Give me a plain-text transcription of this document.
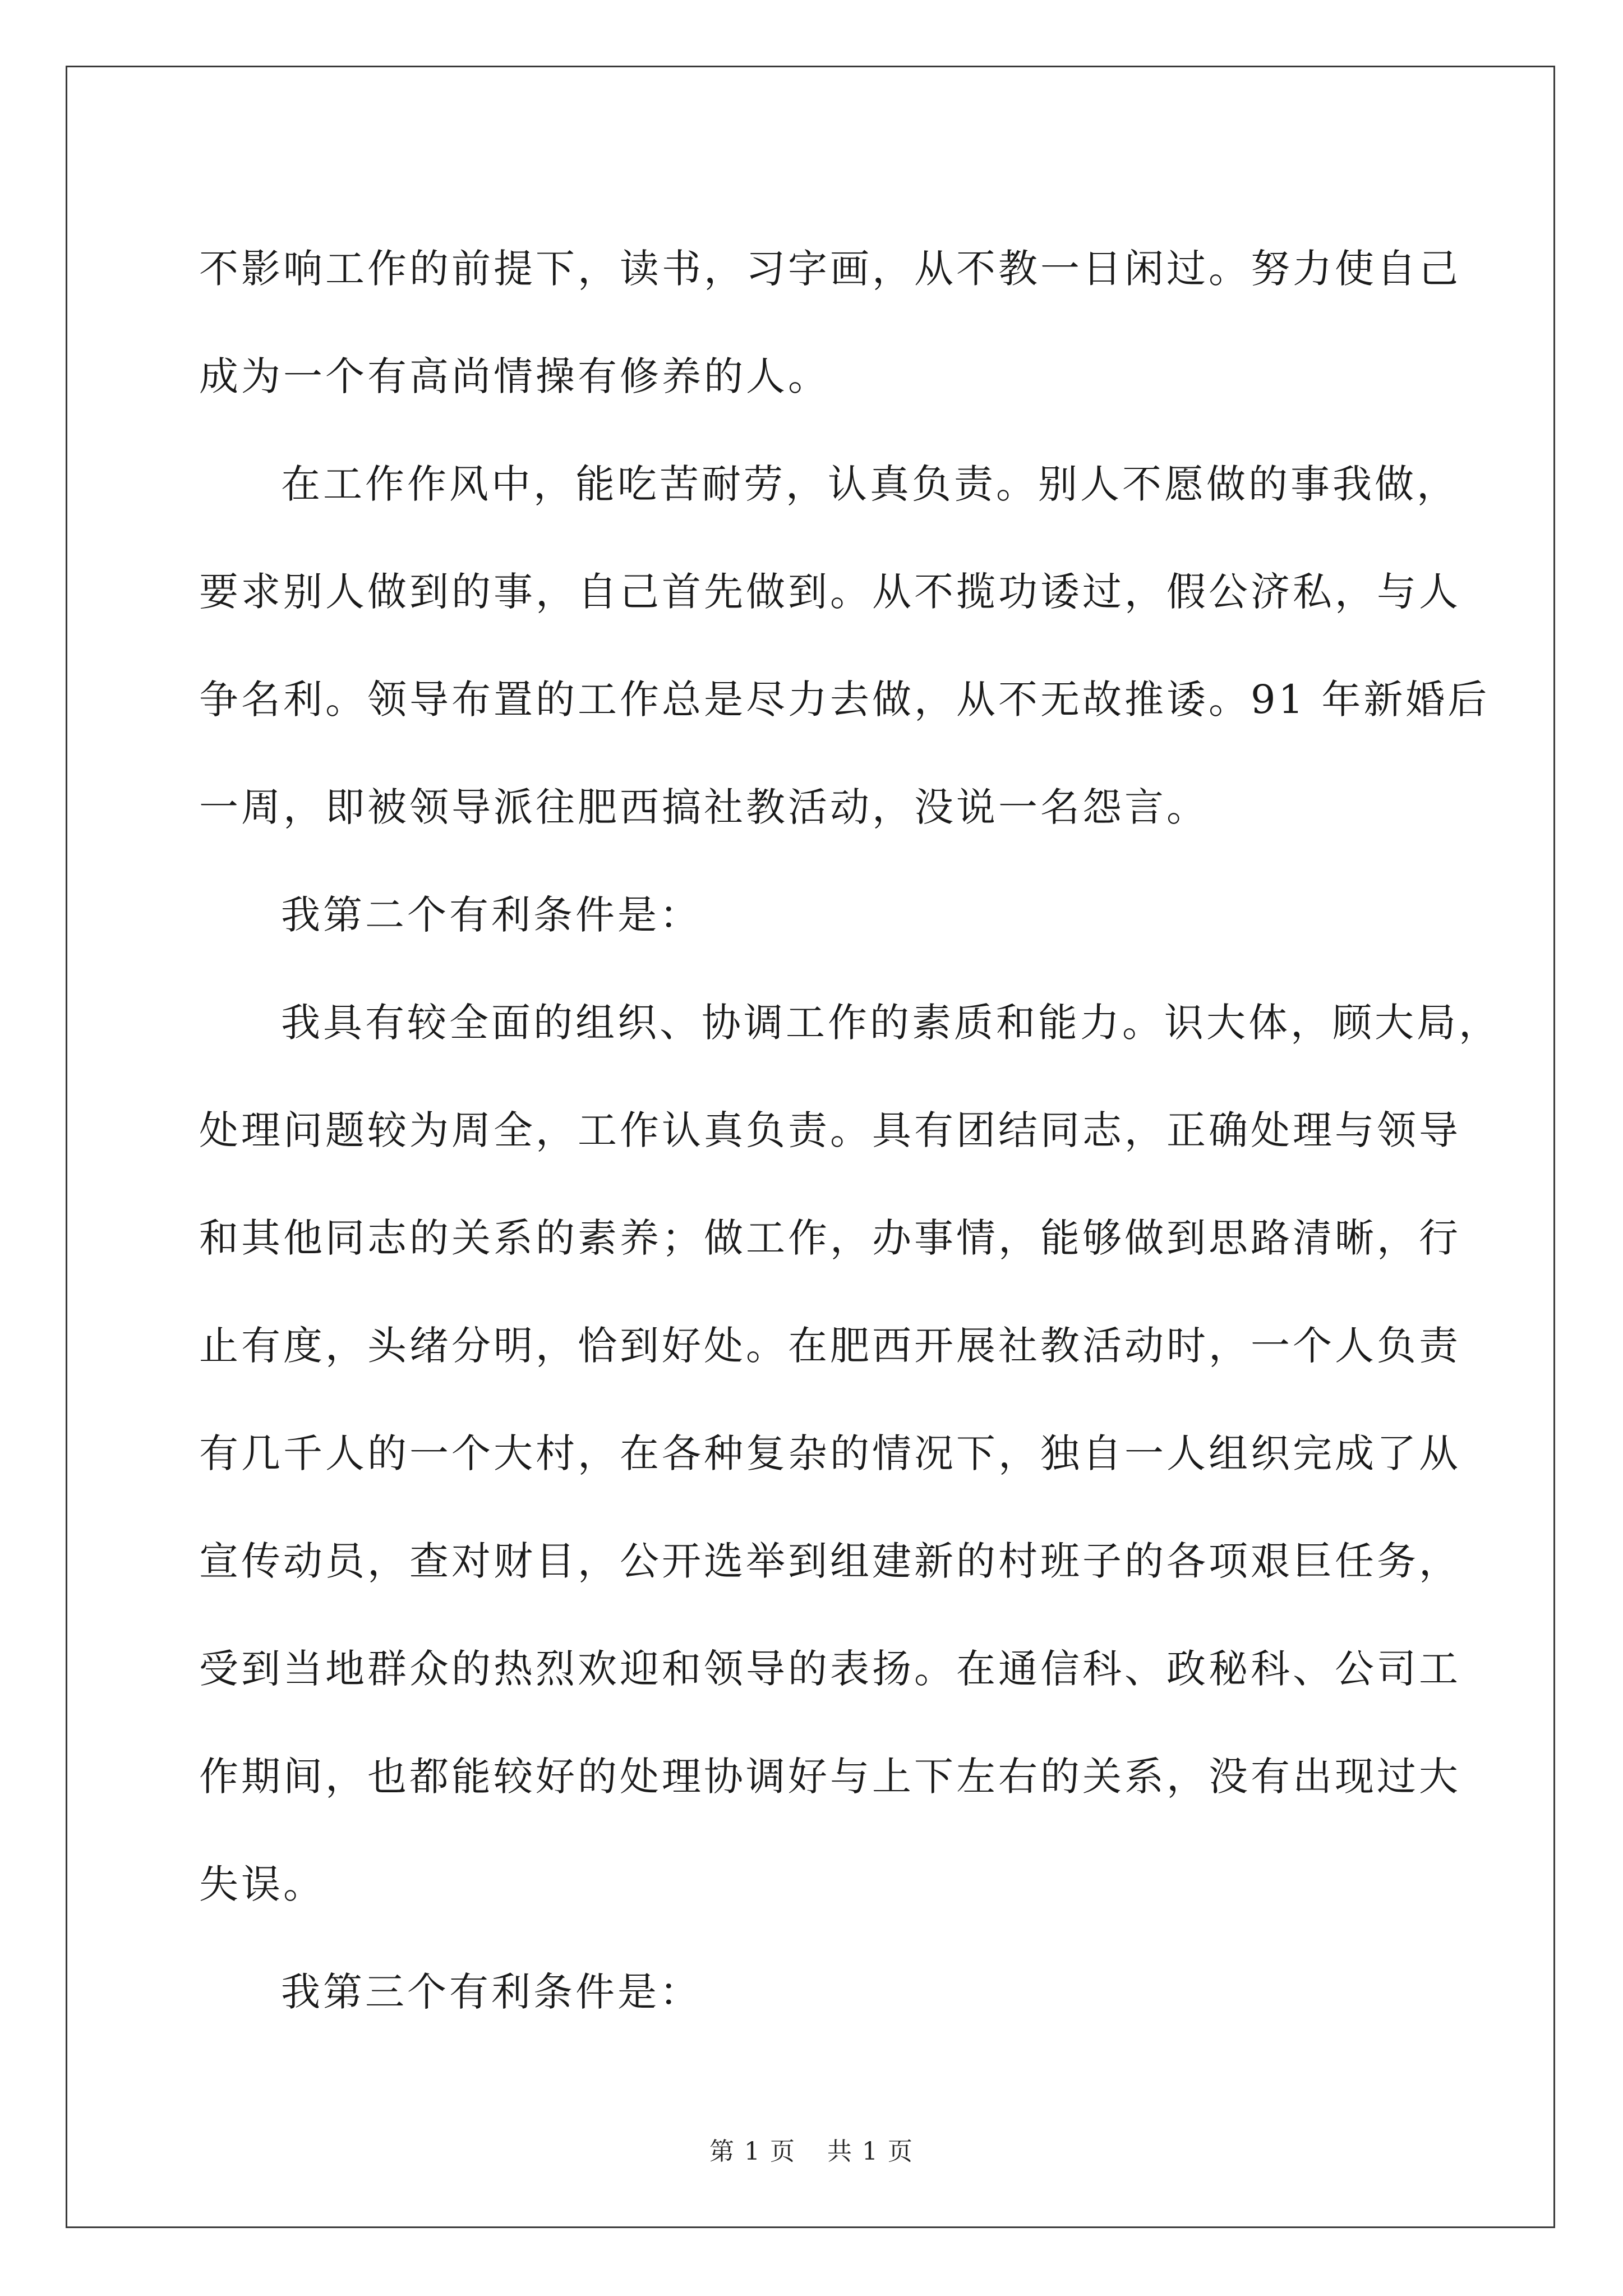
不影响工作的前提下，读书，习字画，从不教一日闲过。努力使自己
成为一个有高尚情操有修养的人。
在工作作风中，能吃苦耐劳，认真负责。别人不愿做的事我做，
要求别人做到的事，自己首先做到。从不揽功诿过，假公济私，与人
争名利。领导布置的工作总是尽力去做，从不无故推诿。91 年新婚后
一周，即被领导派往肥西搞社教活动，没说一名怨言。
我第二个有利条件是：
我具有较全面的组织、协调工作的素质和能力。识大体，顾大局，
处理问题较为周全，工作认真负责。具有团结同志，正确处理与领导
和其他同志的关系的素养；做工作，办事情，能够做到思路清晰，行
止有度，头绪分明，恰到好处。在肥西开展社教活动时，一个人负责
有几千人的一个大村，在各种复杂的情况下，独自一人组织完成了从
宣传动员，查对财目，公开选举到组建新的村班子的各项艰巨任务，
受到当地群众的热烈欢迎和领导的表扬。在通信科、政秘科、公司工
作期间，也都能较好的处理协调好与上下左右的关系，没有出现过大
失误。
我第三个有利条件是：
第 1 页 共 1 页
